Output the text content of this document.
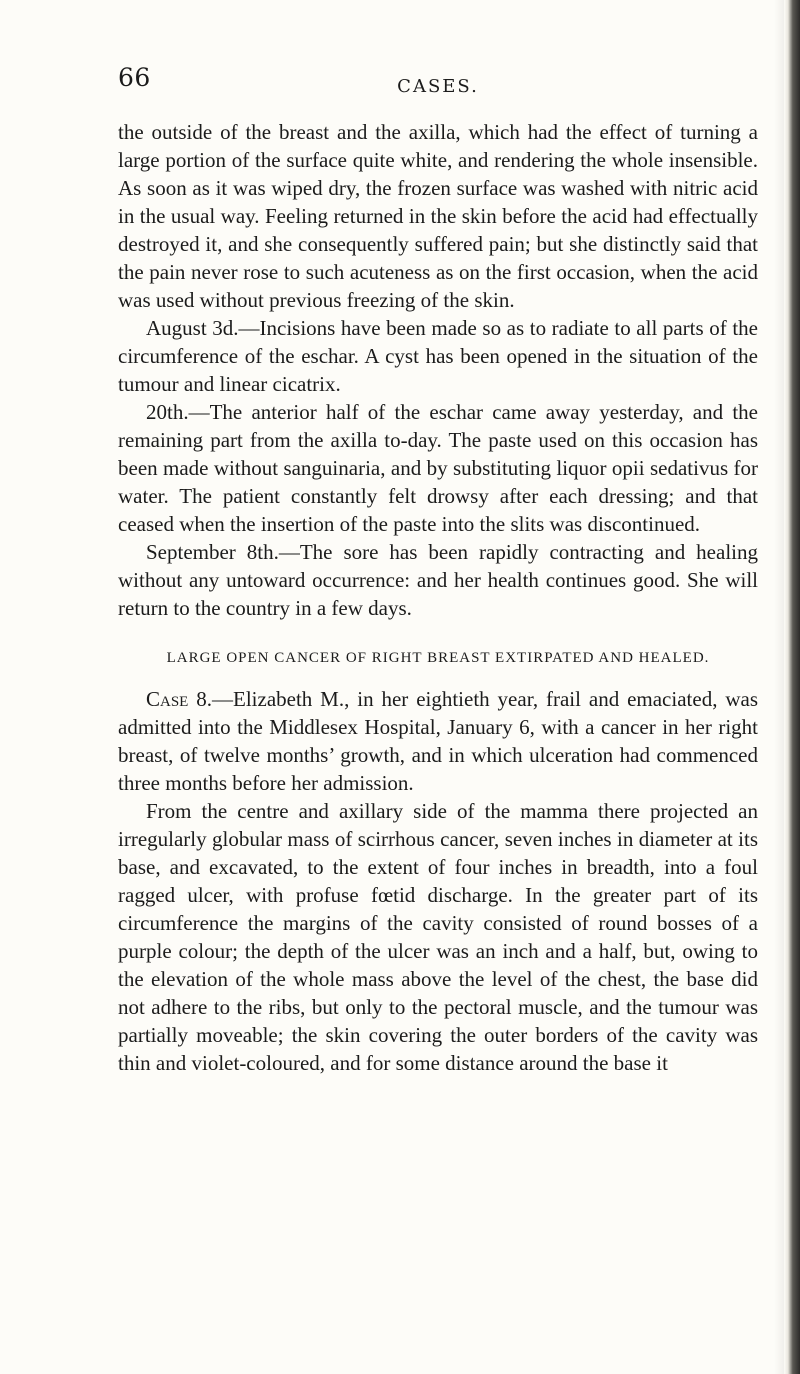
66	CASES.

the outside of the breast and the axilla, which had the effect of turning a large portion of the surface quite white, and rendering the whole insensible. As soon as it was wiped dry, the frozen surface was washed with nitric acid in the usual way. Feeling returned in the skin before the acid had effectually destroyed it, and she consequently suffered pain; but she distinctly said that the pain never rose to such acuteness as on the first occasion, when the acid was used without previous freezing of the skin.

August 3d.—Incisions have been made so as to radiate to all parts of the circumference of the eschar. A cyst has been opened in the situation of the tumour and linear cicatrix.

20th.—The anterior half of the eschar came away yesterday, and the remaining part from the axilla to-day. The paste used on this occasion has been made without sanguinaria, and by substituting liquor opii sedativus for water. The patient constantly felt drowsy after each dressing; and that ceased when the insertion of the paste into the slits was discontinued.

September 8th.—The sore has been rapidly contracting and healing without any untoward occurrence: and her health continues good. She will return to the country in a few days.

LARGE OPEN CANCER OF RIGHT BREAST EXTIRPATED AND HEALED.

Case 8.—Elizabeth M., in her eightieth year, frail and emaciated, was admitted into the Middlesex Hospital, January 6, with a cancer in her right breast, of twelve months’ growth, and in which ulceration had commenced three months before her admission.

From the centre and axillary side of the mamma there projected an irregularly globular mass of scirrhous cancer, seven inches in diameter at its base, and excavated, to the extent of four inches in breadth, into a foul ragged ulcer, with profuse fœtid discharge. In the greater part of its circumference the margins of the cavity consisted of round bosses of a purple colour; the depth of the ulcer was an inch and a half, but, owing to the elevation of the whole mass above the level of the chest, the base did not adhere to the ribs, but only to the pectoral muscle, and the tumour was partially moveable; the skin covering the outer borders of the cavity was thin and violet-coloured, and for some distance around the base it
